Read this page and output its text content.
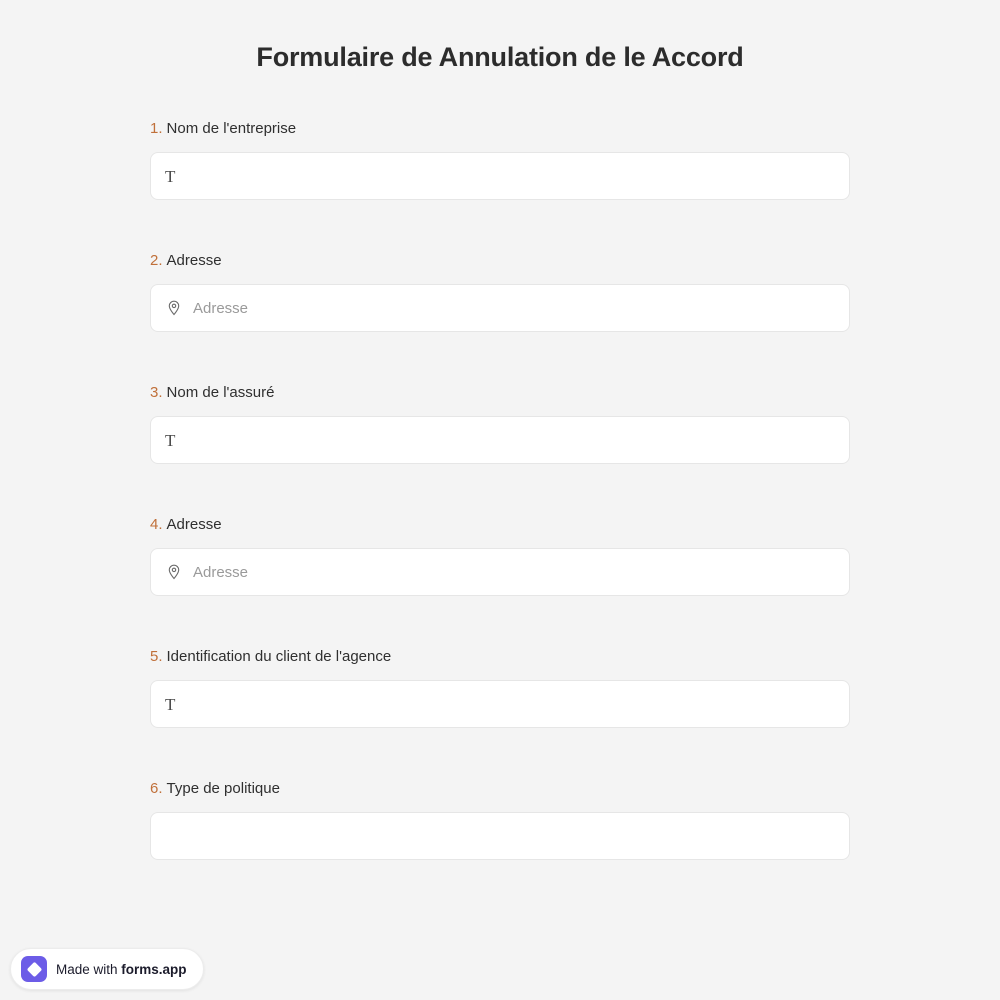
Formulaire de Annulation de le Accord
1. Nom de l'entreprise
T
2. Adresse
Adresse
3. Nom de l'assuré
T
4. Adresse
Adresse
5. Identification du client de l'agence
T
6. Type de politique
Made with forms.app
